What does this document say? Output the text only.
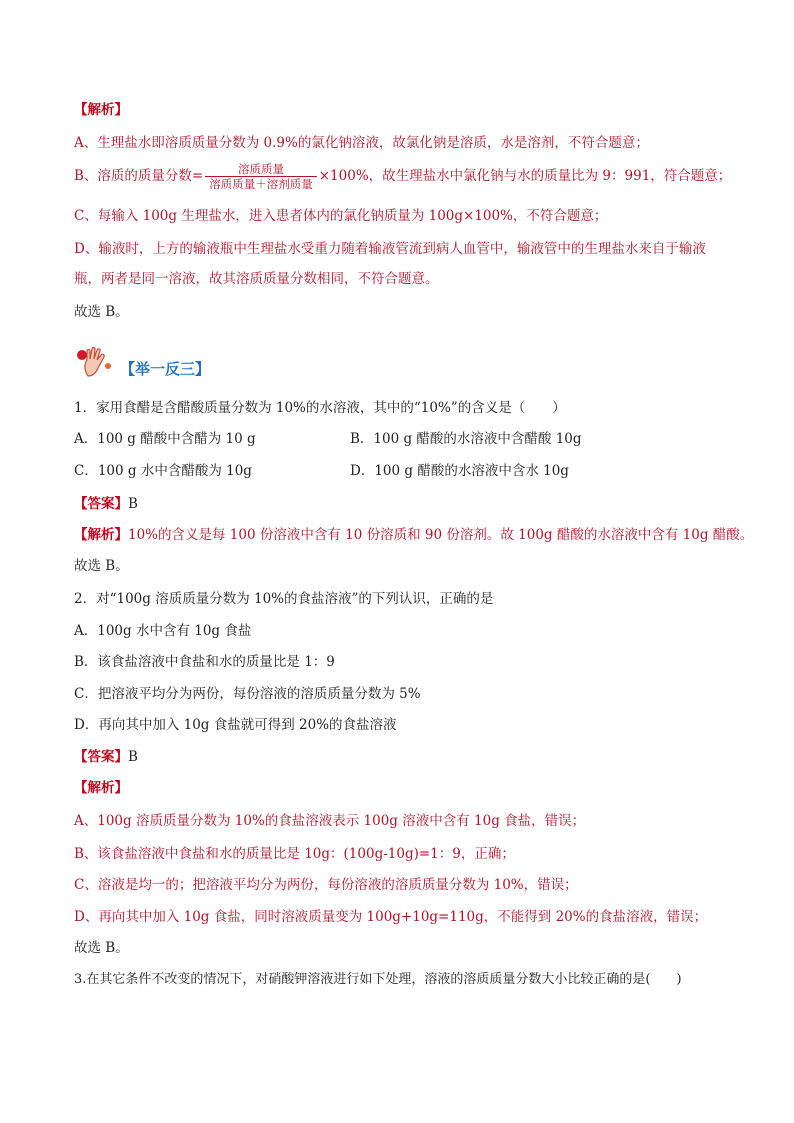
【解析】
A、生理盐水即溶质质量分数为 0.9%的氯化钠溶液，故氯化钠是溶质，水是溶剂，不符合题意；
B、溶质的质量分数= $\frac{\text{溶质质量}}{\text{溶质质量＋溶剂质量}} \times 100\%$，故生理盐水中氯化钠与水的质量比为 9：991，符合题意；
C、每输入 100g 生理盐水，进入患者体内的氯化钠质量为 100g×100%，不符合题意；
D、输液时，上方的输液瓶中生理盐水受重力随着输液管流到病人血管中，输液管中的生理盐水来自于输液
瓶，两者是同一溶液，故其溶质质量分数相同，不符合题意。
故选 B。
【举一反三】
1．家用食醋是含醋酸质量分数为 10%的水溶液，其中的“10%”的含义是（　　）
A．100 g 醋酸中含醋为 10 g	B．100 g 醋酸的水溶液中含醋酸 10g
C．100 g 水中含醋酸为 10g	D．100 g 醋酸的水溶液中含水 10g
【答案】B
【解析】10%的含义是每 100 份溶液中含有 10 份溶质和 90 份溶剂。故 100g 醋酸的水溶液中含有 10g 醋酸。
故选 B。
2．对“100g 溶质质量分数为 10%的食盐溶液”的下列认识，正确的是
A．100g 水中含有 10g 食盐
B．该食盐溶液中食盐和水的质量比是 1：9
C．把溶液平均分为两份，每份溶液的溶质质量分数为 5%
D．再向其中加入 10g 食盐就可得到 20%的食盐溶液
【答案】B
【解析】
A、100g 溶质质量分数为 10%的食盐溶液表示 100g 溶液中含有 10g 食盐，错误；
B、该食盐溶液中食盐和水的质量比是 10g：(100g-10g)=1：9，正确；
C、溶液是均一的；把溶液平均分为两份，每份溶液的溶质质量分数为 10%，错误；
D、再向其中加入 10g 食盐，同时溶液质量变为 100g+10g=110g，不能得到 20%的食盐溶液，错误；
故选 B。
3.在其它条件不改变的情况下，对硝酸钾溶液进行如下处理，溶液的溶质质量分数大小比较正确的是(　　)
